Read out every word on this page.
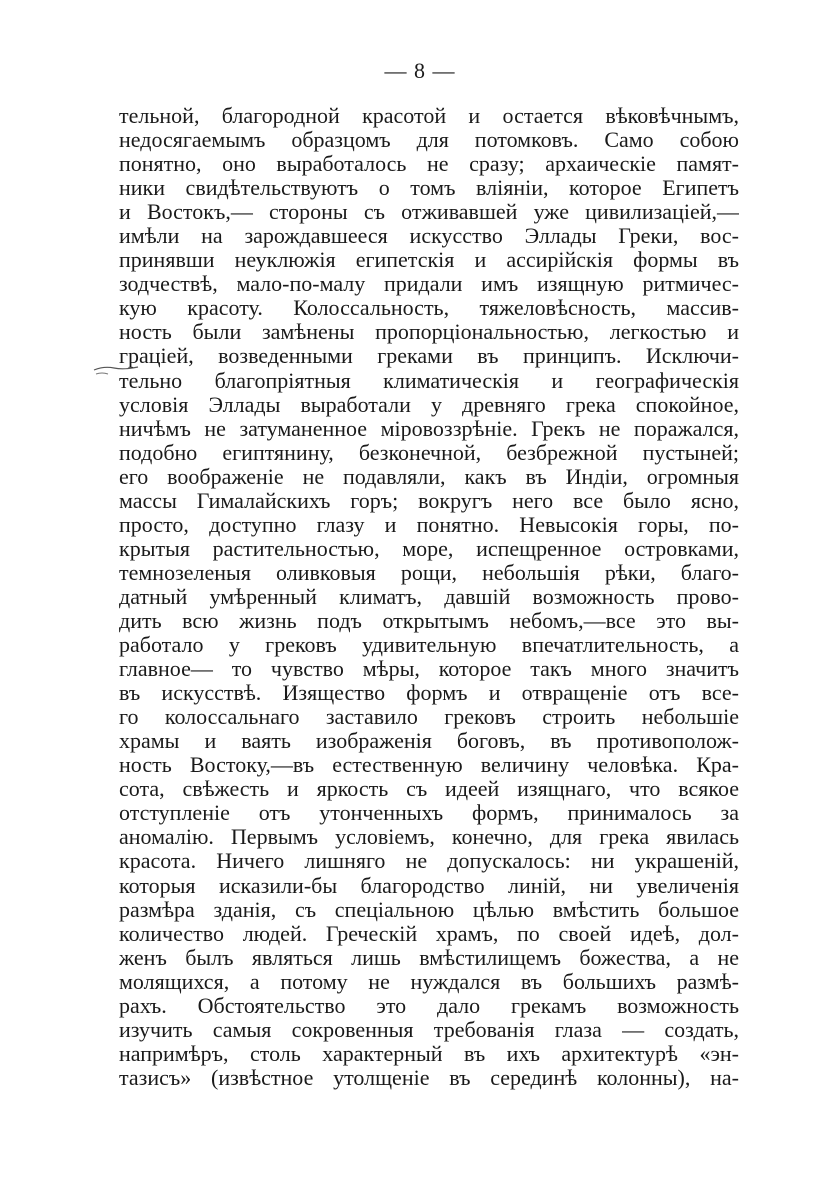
— 8 —
тельной, благородной красотой и остается вѣковѣчнымъ,
недосягаемымъ образцомъ для потомковъ. Само собою
понятно, оно выработалось не сразу; архаическіе памят-
ники свидѣтельствуютъ о томъ вліяніи, которое Египетъ
и Востокъ,— стороны съ отживавшей уже цивилизаціей,—
имѣли на зарождавшееся искусство Эллады Греки, вос-
принявши неуклюжія египетскія и ассирійскія формы въ
зодчествѣ, мало-по-малу придали имъ изящную ритмичес-
кую красоту. Колоссальность, тяжеловѣсность, массив-
ность были замѣнены пропорціональностью, легкостью и
граціей, возведенными греками въ принципъ. Исключи-
тельно благопріятныя климатическія и географическія
условія Эллады выработали у древняго грека спокойное,
ничѣмъ не затуманенное міровоззрѣніе. Грекъ не поражался,
подобно египтянину, безконечной, безбрежной пустыней;
его воображеніе не подавляли, какъ въ Индіи, огромныя
массы Гималайскихъ горъ; вокругъ него все было ясно,
просто, доступно глазу и понятно. Невысокія горы, по-
крытыя растительностью, море, испещренное островками,
темнозеленыя оливковыя рощи, небольшія рѣки, благо-
датный умѣренный климатъ, давшій возможность прово-
дить всю жизнь подъ открытымъ небомъ,—все это вы-
работало у грековъ удивительную впечатлительность, а
главное— то чувство мѣры, которое такъ много значитъ
въ искусствѣ. Изящество формъ и отвращеніе отъ все-
го колоссальнаго заставило грековъ строить небольшіе
храмы и ваять изображенія боговъ, въ противополож-
ность Востоку,—въ естественную величину человѣка. Кра-
сота, свѣжесть и яркость съ идеей изящнаго, что всякое
отступленіе отъ утонченныхъ формъ, принималось за
аномалію. Первымъ условіемъ, конечно, для грека явилась
красота. Ничего лишняго не допускалось: ни украшеній,
которыя исказили-бы благородство линій, ни увеличенія
размѣра зданія, съ спеціальною цѣлью вмѣстить большое
количество людей. Греческій храмъ, по своей идеѣ, дол-
женъ былъ являться лишь вмѣстилищемъ божества, а не
молящихся, а потому не нуждался въ большихъ размѣ-
рахъ. Обстоятельство это дало грекамъ возможность
изучить самыя сокровенныя требованія глаза — создать,
напримѣръ, столь характерный въ ихъ архитектурѣ «эн-
тазисъ» (извѣстное утолщеніе въ серединѣ колонны), на-
